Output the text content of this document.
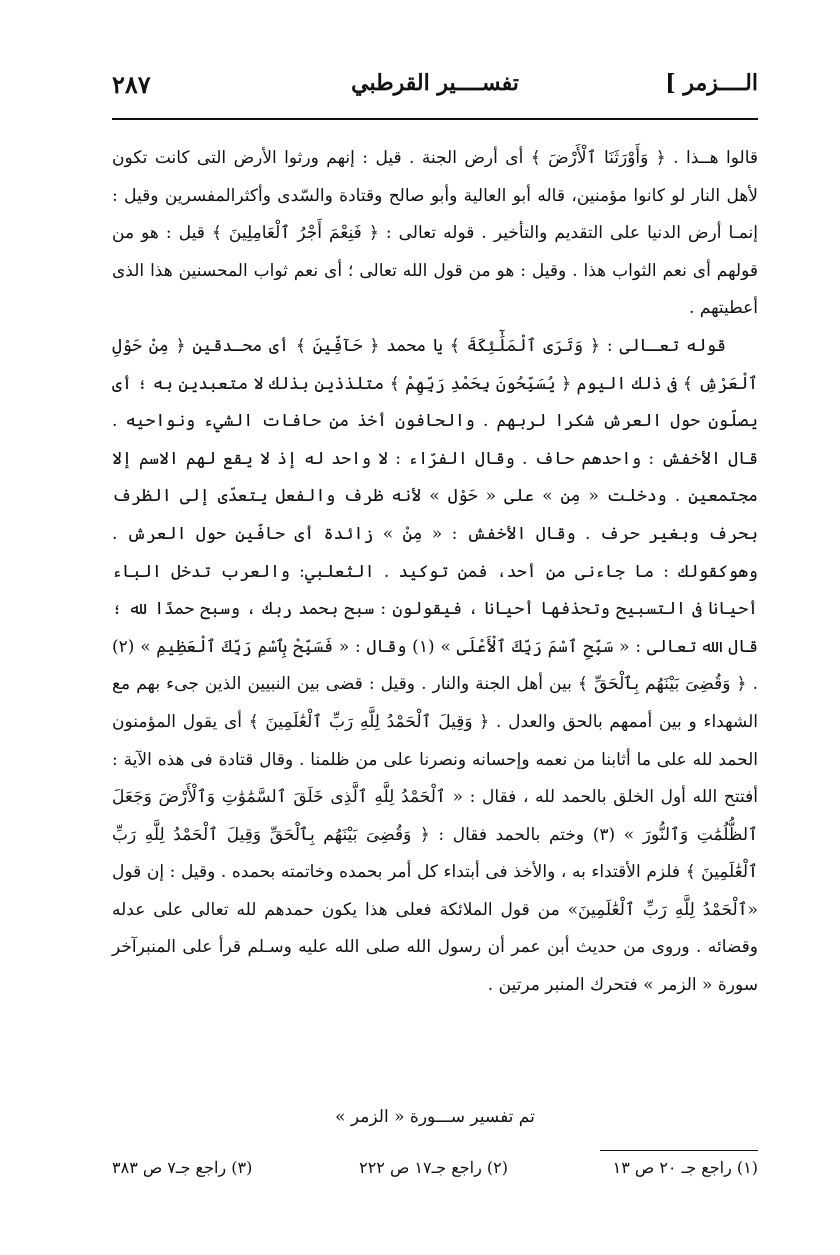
الــــزمر ]
تفســــير القرطبي
٢٨٧

قالوا هــذا . ﴿ وَأَوْرَثَنَا ٱلْأَرْضَ ﴾ أى أرض الجنة . قيل : إنهم ورثوا الأرض التى كانت تكون لأهل النار لو كانوا مؤمنين، قاله أبو العالية وأبو صالح وقتادة والسّدى وأكثرالمفسرين وقيل : إنمـا أرض الدنيا على التقديم والتأخير . قوله تعالى : ﴿ فَنِعْمَ أَجْرُ ٱلْعَامِلِينَ ﴾ قيل : هو من قولهم أى نعم الثواب هذا . وقيل : هو من قول الله تعالى ؛ أى نعم ثواب المحسنين هذا الذى أعطيتهم .

قوله تعـالى : ﴿ وَتَرَى ٱلْمَلَٰٓئِكَةَ ﴾ يا محمد ﴿ حَآفِّينَ ﴾ أى محـدقين ﴿ مِنْ حَوْلِ ٱلْعَرْشِ ﴾ فى ذلك اليوم ﴿ يُسَبِّحُونَ بِحَمْدِ رَبِّهِمْ ﴾ متلذذين بذلك لا متعبدين به ؛ أى يصلّون حول العرش شكرا لربهم . والحافون أخذ من حافات الشيء ونواحيه . قال الأخفش : واحدهم حاف . وقال الفرّاء : لا واحد له إذ لا يقع لهم الاسم إلا مجتمعين . ودخلت « مِن » على « حَوْل » لأنه ظرف والفعل يتعدّى إلى الظرف بحرف وبغير حرف . وقال الأخفش : « مِنْ » زائدة أى حافّين حول العرش . وهوكقولك : ما جاءنى من أحد، فمن توكيد . الثعلبي: والعرب تدخل الباء أحيانا فى التسبيح وتحذفها أحيانا ، فيقولون : سبح بحمد ربك ، وسبح حمدًا لله ؛ قال الله تعالى : « سَبِّحِ ٱسْمَ رَبِّكَ ٱلْأَعْلَى » (١) وقال : « فَسَبِّحْ بِٱسْمِ رَبِّكَ ٱلْعَظِيمِ » (٢) . ﴿ وَقُضِىَ بَيْنَهُم بِٱلْحَقِّ ﴾ بين أهل الجنة والنار . وقيل : قضى بين النبيين الذين جىء بهم مع الشهداء و بين أممهم بالحق والعدل . ﴿ وَقِيلَ ٱلْحَمْدُ لِلَّهِ رَبِّ ٱلْعَٰلَمِينَ ﴾ أى يقول المؤمنون الحمد لله على ما أثابنا من نعمه وإحسانه ونصرنا على من ظلمنا . وقال قتادة فى هذه الآية : أفتتح الله أول الخلق بالحمد لله ، فقال : « ٱلْحَمْدُ لِلَّهِ ٱلَّذِى خَلَقَ ٱلسَّمَٰوَٰتِ وَٱلْأَرْضَ وَجَعَلَ ٱلظُّلُمَٰتِ وَٱلنُّورَ » (٣) وختم بالحمد فقال : ﴿ وَقُضِىَ بَيْنَهُم بِٱلْحَقِّ وَقِيلَ ٱلْحَمْدُ لِلَّهِ رَبِّ ٱلْعَٰلَمِينَ ﴾ فلزم الأقتداء به ، والأخذ فى أبتداء كل أمر بحمده وخاتمته بحمده . وقيل : إن قول «ٱلْحَمْدُ لِلَّهِ رَبِّ ٱلْعَٰلَمِينَ» من قول الملائكة فعلى هذا يكون حمدهم لله تعالى على عدله وقضائه . وروى من حديث أبن عمر أن رسول الله صلى الله عليه وسـلم قرأ على المنبرآخر سورة « الزمر » فتحرك المنبر مرتين .

تم تفسير ســـورة « الزمر »
(١) راجع جـ ٢٠ ص ١٣
(٢) راجع جـ١٧ ص ٢٢٢
(٣) راجع جـ٧ ص ٣٨٣
